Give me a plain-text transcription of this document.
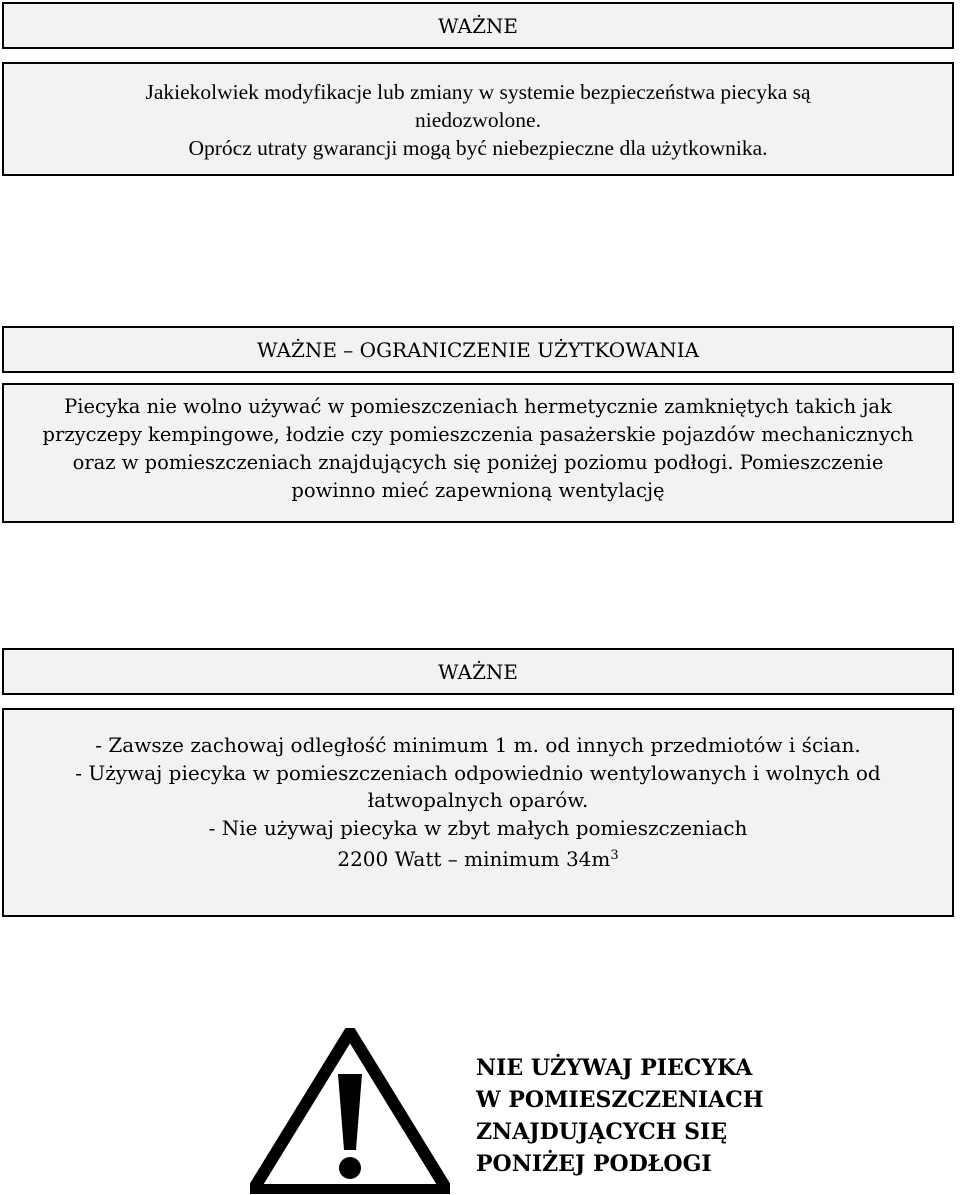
WAŻNE
Jakiekolwiek modyfikacje lub zmiany w systemie bezpieczeństwa piecyka są
niedozwolone.
Oprócz utraty gwarancji mogą być niebezpieczne dla użytkownika.
WAŻNE – OGRANICZENIE UŻYTKOWANIA
Piecyka nie wolno używać w pomieszczeniach hermetycznie zamkniętych takich jak
przyczepy kempingowe, łodzie czy pomieszczenia pasażerskie pojazdów mechanicznych
oraz w pomieszczeniach znajdujących się poniżej poziomu podłogi. Pomieszczenie
powinno mieć zapewnioną wentylację
WAŻNE
- Zawsze zachowaj odległość minimum 1 m. od innych przedmiotów i ścian.
- Używaj piecyka w pomieszczeniach odpowiednio wentylowanych i wolnych od
łatwopalnych oparów.
- Nie używaj piecyka w zbyt małych pomieszczeniach
2200 Watt – minimum $34m^3$
NIE UŻYWAJ PIECYKA
W POMIESZCZENIACH
ZNAJDUJĄCYCH SIĘ
PONIŻEJ PODŁOGI
